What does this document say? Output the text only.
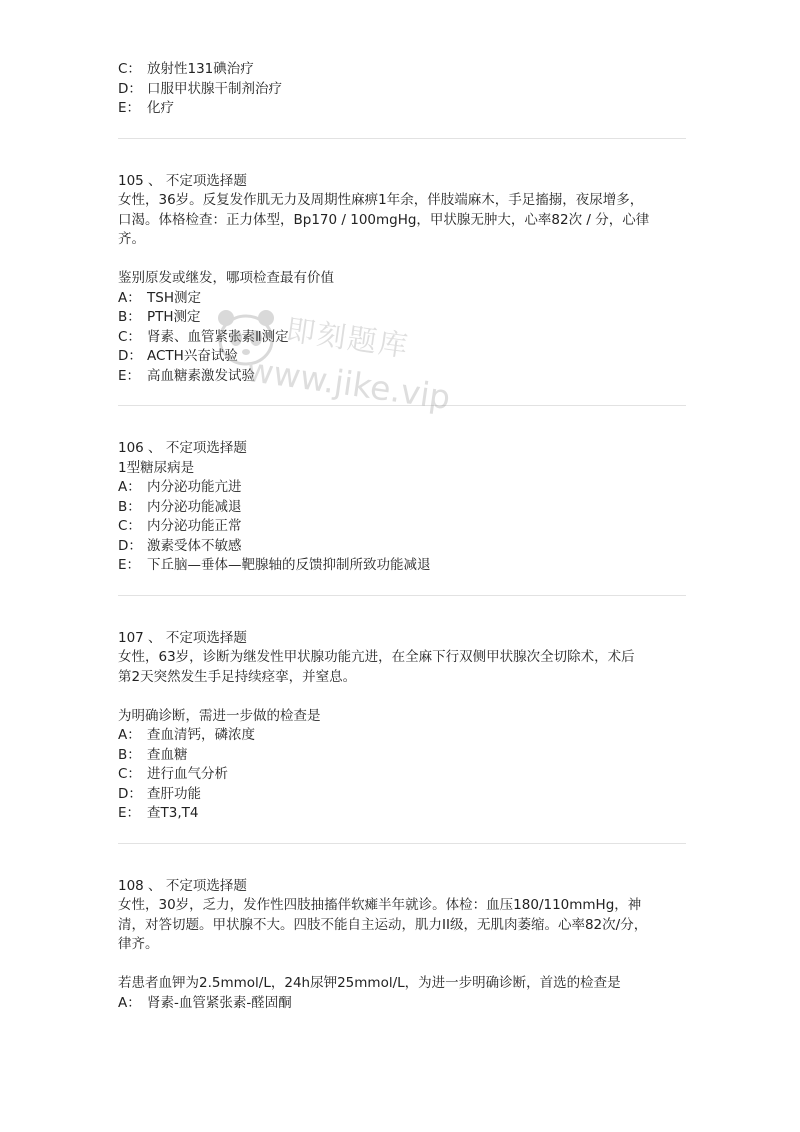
C： 放射性131碘治疗
D： 口服甲状腺干制剂治疗
E： 化疗
105 、 不定项选择题
女性，36岁。反复发作肌无力及周期性麻痹1年余，伴肢端麻木，手足搐搦，夜尿增多，
口渴。体格检查：正力体型，Bp170 / 100mgHg，甲状腺无肿大，心率82次 / 分，心律
齐。
鉴别原发或继发，哪项检查最有价值
A： TSH测定
B： PTH测定
C： 肾素、血管紧张素Ⅱ测定
D： ACTH兴奋试验
E： 高血糖素激发试验
106 、 不定项选择题
1型糖尿病是
A： 内分泌功能亢进
B： 内分泌功能减退
C： 内分泌功能正常
D： 激素受体不敏感
E： 下丘脑—垂体—靶腺轴的反馈抑制所致功能减退
107 、 不定项选择题
女性，63岁，诊断为继发性甲状腺功能亢进，在全麻下行双侧甲状腺次全切除术，术后
第2天突然发生手足持续痉挛，并窒息。
为明确诊断，需进一步做的检查是
A： 查血清钙，磷浓度
B： 查血糖
C： 进行血气分析
D： 查肝功能
E： 查T3,T4
108 、 不定项选择题
女性，30岁，乏力，发作性四肢抽搐伴软瘫半年就诊。体检：血压180/110mmHg，神
清，对答切题。甲状腺不大。四肢不能自主运动，肌力II级，无肌肉萎缩。心率82次/分，
律齐。
若患者血钾为2.5mmol/L，24h尿钾25mmol/L，为进一步明确诊断，首选的检查是
A： 肾素-血管紧张素-醛固酮
即刻题库
www.jike.vip
